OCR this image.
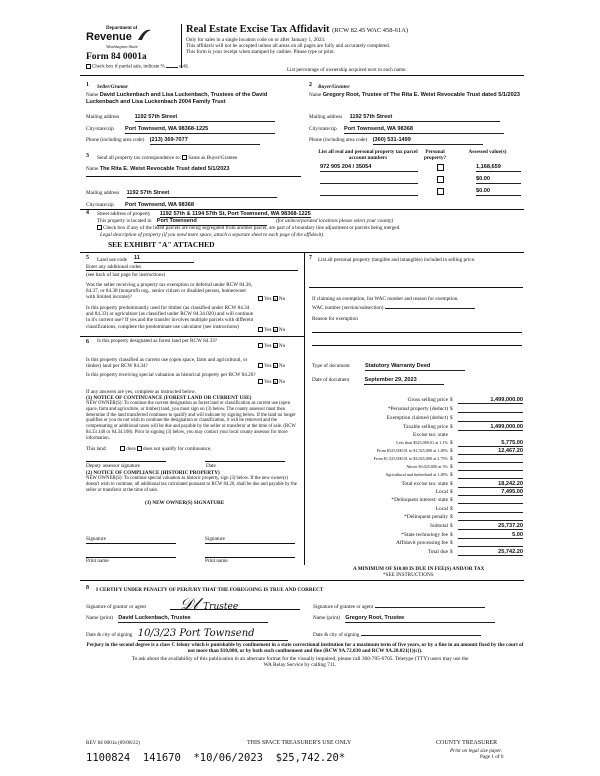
Department of
Revenue
Washington State
Form 84 0001a
Check box if partial sale, indicate %	sold.
Real Estate Excise Tax Affidavit (RCW 82.45 WAC 458-61A)
Only for sales in a single location code on or after January 1, 2023.
This affidavit will not be accepted unless all areas on all pages are fully and accurately completed.
This form is your receipt when stamped by cashier. Please type or print.
List percentage of ownership acquired next to each name.
1 Seller/Grantor
Name David Luckenbach and Lisa Luckenbach, Trustees of the David Luckenbach and Lisa Luckenbach 2004 Family Trust
Mailing address	1192 57th Street
City/state/zip Port Townsend, WA 98368-1225
Phone (including area code) (213) 369-7077
2 Buyer/Grantee
Name Gregory Root, Trustee of The Rita E. Weist Revocable Trust dated 5/1/2023
Mailing address 1192 57th Street
City/state/zip Port Townsend, WA 98368
Phone (including area code) (360) 531-1499
List all real and personal property tax parcel account numbers
Personal property?
Assessed value(s)
972 905 204 / 35054	1,168,659
$0.00
$0.00
3 Send all property tax correspondence to: Same as Buyer/Grantee
Name The Rita E. Weist Revocable Trust dated 5/1/2023
Mailing address 1192 57th Street
City/state/zip Port Townsend, WA 98368
4 Street address of property 1192 57th & 1194 57th St, Port Townsend, WA 98368-1225
This property is located in Port Townsend	(for unincorporated locations please select your county)
Check box if any of the listed parcels are being segregated from another parcel, are part of a boundary line adjustment or parcels being merged.
Legal description of property (if you need more space, attach a separate sheet to each page of the affidavit).
SEE EXHIBIT "A" ATTACHED
5 Land use code 11
Enter any additional codes
(see back of last page for instructions)
Was the seller receiving a property tax exemption or deferral under RCW 84.36, 84.37, or 84.38 (nonprofit org., senior citizen or disabled person, homeowner with limited income)?	Yes × No
Is this property predominantly used for timber (as classified under RCW 84.34 and 84.33) or agriculture (as classified under RCW 84.34.020) and will continue in it's current use? If yes and the transfer involves multiple parcels with different classifications, complete the predominate use calculator (see instructions)
Yes × No
6 Is this property designated as forest land per RCW 84.33?
Yes × No
Is this property classified as current use (open space, farm and agricultural, or timber) land per RCW 84.34?	Yes × No
Is this property receiving special valuation as historical property per RCW 84.26?
Yes × No
If any answers are yes, complete as instructed below.
(1) NOTICE OF CONTINUANCE (FOREST LAND OR CURRENT USE)
NEW OWNER(S): To continue the current designation as forest land or classification as current use (open space, farm and agriculture, or timber) land, you must sign on (3) below. The county assessor must then determine if the land transferred continues to qualify and will indicate by signing below. If the land no longer qualifies or you do not wish to continue the designation or classification, it will be removed and the compensating or additional taxes will be due and payable by the seller or transferor at the time of sale. (RCW 84.33.140 or 84.34.108). Prior to signing (3) below, you may contact your local county assessor for more information.
This land:	does does not qualify for continuance.
Deputy assessor signature	Date
(2) NOTICE OF COMPLIANCE (HISTORIC PROPERTY)
NEW OWNER(S): To continue special valuation as historic property, sign (3) below. If the new owner(s) doesn't wish to continue, all additional tax calculated pursuant to RCW 84.26, shall be due and payable by the seller or transferor at the time of sale.
(3) NEW OWNER(S) SIGNATURE
Signature	Signature
Print name	Print name
7 List all personal property (tangible and intangible) included in selling price.
If claiming an exemption, list WAC number and reason for exemption.
WAC number (section/subsection)
Reason for exemption
Type of document	Statutory Warranty Deed
Date of document	September 29, 2023
Gross selling price $	1,499,000.00
*Personal property (deduct) $
Exemption claimed (deduct) $
Taxable selling price $	1,499,000.00
Excise tax: state
Less than $525,000.01 at 1.1% $	5,775.00
From $525,000.01 to $1,525,000 at 1.28% $	12,467.20
From $1,525,000.01 to $3,025,000 at 2.75% $
Above $3,025,000 at 3% $
Agricultural and timberland at 1.28% $
Total excise tax: state $	18,242.20
Local $	7,495.00
*Delinquent interest: state $
Local $
*Delinquent penalty $
Subtotal $	25,737.20
*State technology fee $	5.00
Affidavit processing fee $
Total due $	25,742.20
A MINIMUM OF $10.00 IS DUE IN FEE(S) AND/OR TAX
*SEE INSTRUCTIONS
8 I CERTIFY UNDER PENALTY OF PERJURY THAT THE FOREGOING IS TRUE AND CORRECT
Signature of grantor or agent	𝒟𝓁 Trustee	Signature of grantee or agent
Name (print) David Luckenbach, Trustee	Name (print) Gregory Root, Trustee
Date & city of signing 10/3/23 Port Townsend	Date & city of signing
Perjury in the second degree is a class C felony which is punishable by confinement in a state correctional institution for a maximum term of five years, or by a fine in an amount fixed by the court of not more than $10,000, or by both such confinement and fine (RCW 9A.72.030 and RCW 9A.20.021(1)(c)).
To ask about the availability of this publication in an alternate format for the visually impaired, please call 360-705-6705. Teletype (TTY) users may use the WA Relay Service by calling 711.
REV 84 0001a (09/08/22)	THIS SPACE TREASURER'S USE ONLY	COUNTY TREASURER
Print on legal size paper.
Page 1 of 6
1100824  141670  *10/06/2023  $25,742.20*
